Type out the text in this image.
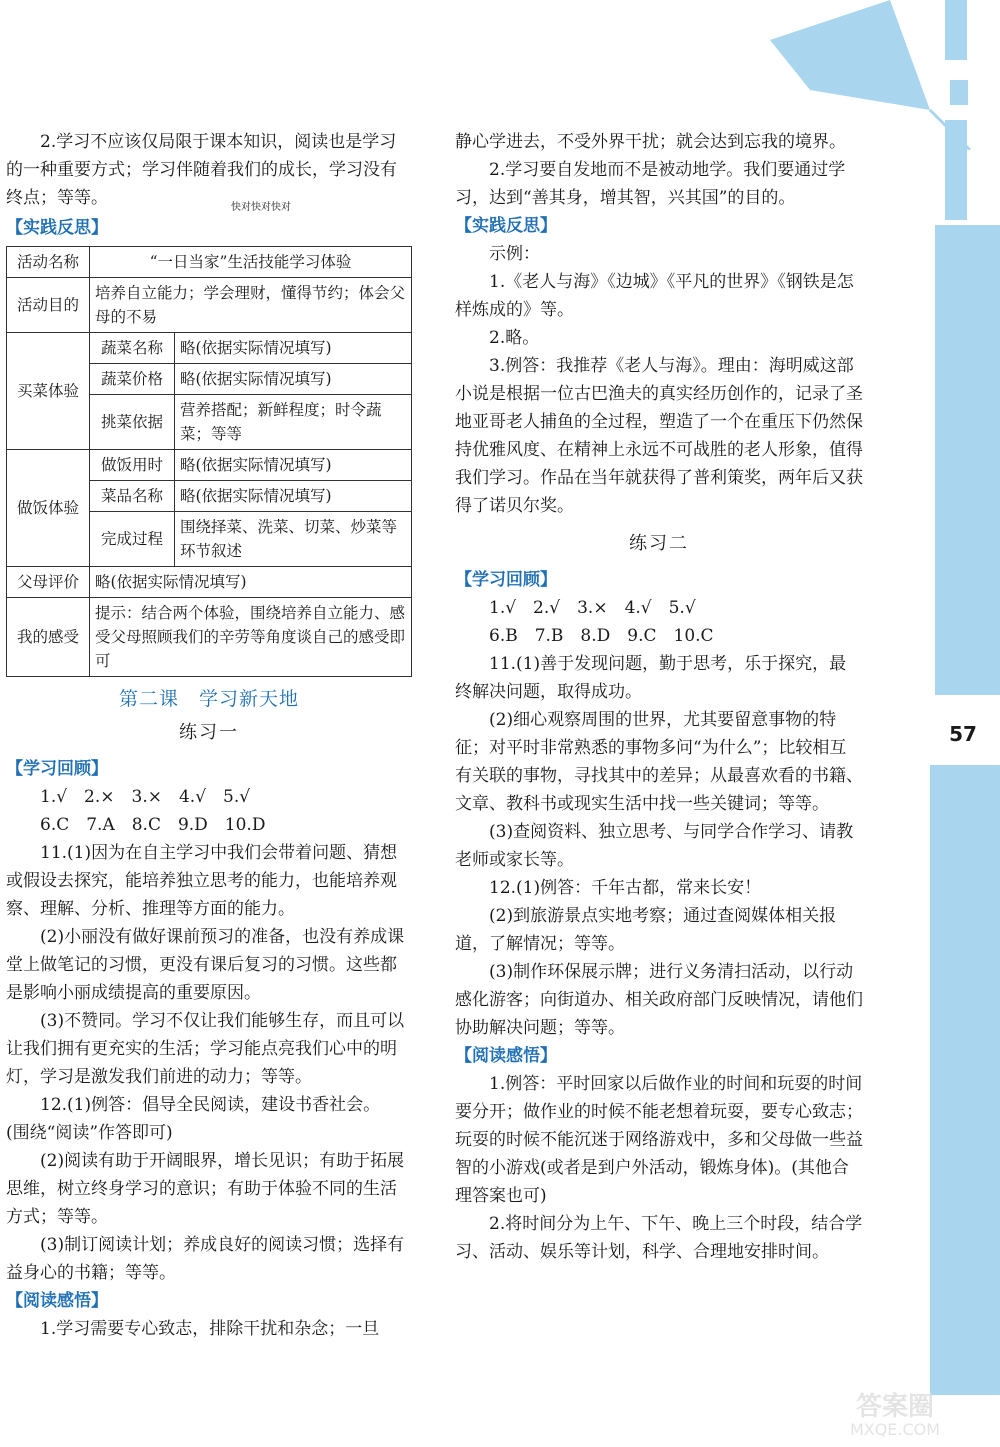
57
答案圈
MXQE.COM

2.学习不应该仅局限于课本知识，阅读也是学习的一种重要方式；学习伴随着我们的成长，学习没有终点；等等。	快对快对快对

【实践反思】

活动名称	“一日当家”生活技能学习体验	
活动目的	培养自立能力；学会理财，懂得节约；体会父母的不易	
买菜体验	蔬菜名称	略(依据实际情况填写)
	蔬菜价格	略(依据实际情况填写)
	挑菜依据	营养搭配；新鲜程度；时令蔬菜；等等
做饭体验	做饭用时	略(依据实际情况填写)
	菜品名称	略(依据实际情况填写)
	完成过程	围绕择菜、洗菜、切菜、炒菜等环节叙述
父母评价	略(依据实际情况填写)	
我的感受	提示：结合两个体验，围绕培养自立能力、感受父母照顾我们的辛劳等角度谈自己的感受即可	
第二课　学习新天地
练习一

【学习回顾】

1.√　2.×　3.×　4.√　5.√

6.C　7.A　8.C　9.D　10.D

11.(1)因为在自主学习中我们会带着问题、猜想或假设去探究，能培养独立思考的能力，也能培养观察、理解、分析、推理等方面的能力。

(2)小丽没有做好课前预习的准备，也没有养成课堂上做笔记的习惯，更没有课后复习的习惯。这些都是影响小丽成绩提高的重要原因。

(3)不赞同。学习不仅让我们能够生存，而且可以让我们拥有更充实的生活；学习能点亮我们心中的明灯，学习是激发我们前进的动力；等等。

12.(1)例答：倡导全民阅读，建设书香社会。

(围绕“阅读”作答即可)

(2)阅读有助于开阔眼界，增长见识；有助于拓展思维，树立终身学习的意识；有助于体验不同的生活方式；等等。

(3)制订阅读计划；养成良好的阅读习惯；选择有益身心的书籍；等等。

【阅读感悟】

1.学习需要专心致志，排除干扰和杂念；一旦

静心学进去，不受外界干扰；就会达到忘我的境界。

2.学习要自发地而不是被动地学。我们要通过学习，达到“善其身，增其智，兴其国”的目的。

【实践反思】

示例：

1.《老人与海》《边城》《平凡的世界》《钢铁是怎样炼成的》等。

2.略。

3.例答：我推荐《老人与海》。理由：海明威这部小说是根据一位古巴渔夫的真实经历创作的，记录了圣地亚哥老人捕鱼的全过程，塑造了一个在重压下仍然保持优雅风度、在精神上永远不可战胜的老人形象，值得我们学习。作品在当年就获得了普利策奖，两年后又获得了诺贝尔奖。

练习二

【学习回顾】

1.√　2.√　3.×　4.√　5.√

6.B　7.B　8.D　9.C　10.C

11.(1)善于发现问题，勤于思考，乐于探究，最终解决问题，取得成功。

(2)细心观察周围的世界，尤其要留意事物的特征；对平时非常熟悉的事物多问“为什么”；比较相互有关联的事物，寻找其中的差异；从最喜欢看的书籍、文章、教科书或现实生活中找一些关键词；等等。

(3)查阅资料、独立思考、与同学合作学习、请教老师或家长等。

12.(1)例答：千年古都，常来长安！

(2)到旅游景点实地考察；通过查阅媒体相关报道，了解情况；等等。

(3)制作环保展示牌；进行义务清扫活动，以行动感化游客；向街道办、相关政府部门反映情况，请他们协助解决问题；等等。

【阅读感悟】

1.例答：平时回家以后做作业的时间和玩耍的时间要分开；做作业的时候不能老想着玩耍，要专心致志；玩耍的时候不能沉迷于网络游戏中，多和父母做一些益智的小游戏(或者是到户外活动，锻炼身体)。(其他合理答案也可)

2.将时间分为上午、下午、晚上三个时段，结合学习、活动、娱乐等计划，科学、合理地安排时间。
